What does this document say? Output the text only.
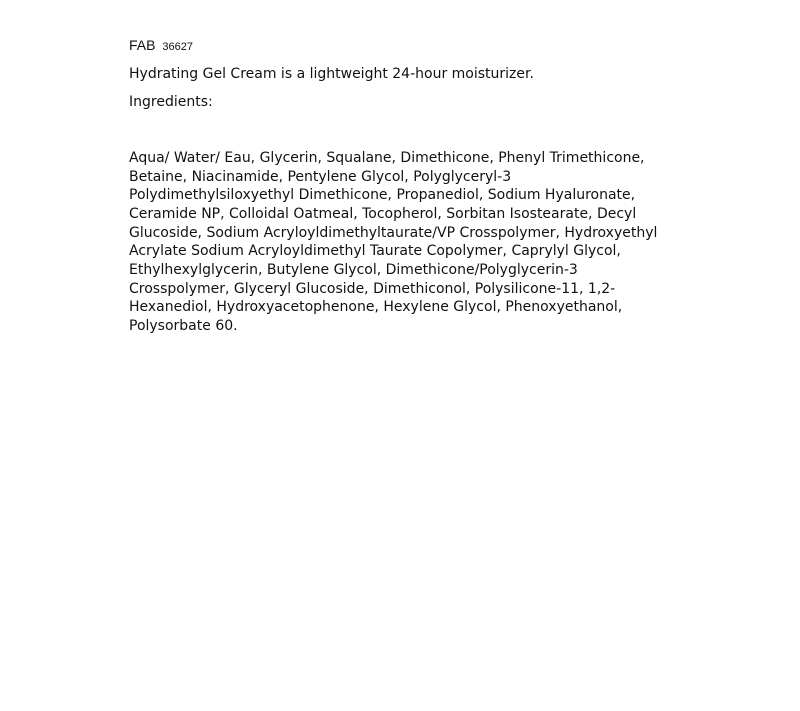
FAB 36627

Hydrating Gel Cream is a lightweight 24-hour moisturizer.

Ingredients:

Aqua/ Water/ Eau, Glycerin, Squalane, Dimethicone, Phenyl Trimethicone, Betaine, Niacinamide, Pentylene Glycol, Polyglyceryl-3 Polydimethylsiloxyethyl Dimethicone, Propanediol, Sodium Hyaluronate, Ceramide NP, Colloidal Oatmeal, Tocopherol, Sorbitan Isostearate, Decyl Glucoside, Sodium Acryloyldimethyltaurate/VP Crosspolymer, Hydroxyethyl Acrylate Sodium Acryloyldimethyl Taurate Copolymer, Caprylyl Glycol, Ethylhexylglycerin, Butylene Glycol, Dimethicone/Polyglycerin-3 Crosspolymer, Glyceryl Glucoside, Dimethiconol, Polysilicone-11, 1,2-Hexanediol, Hydroxyacetophenone, Hexylene Glycol, Phenoxyethanol, Polysorbate 60.
